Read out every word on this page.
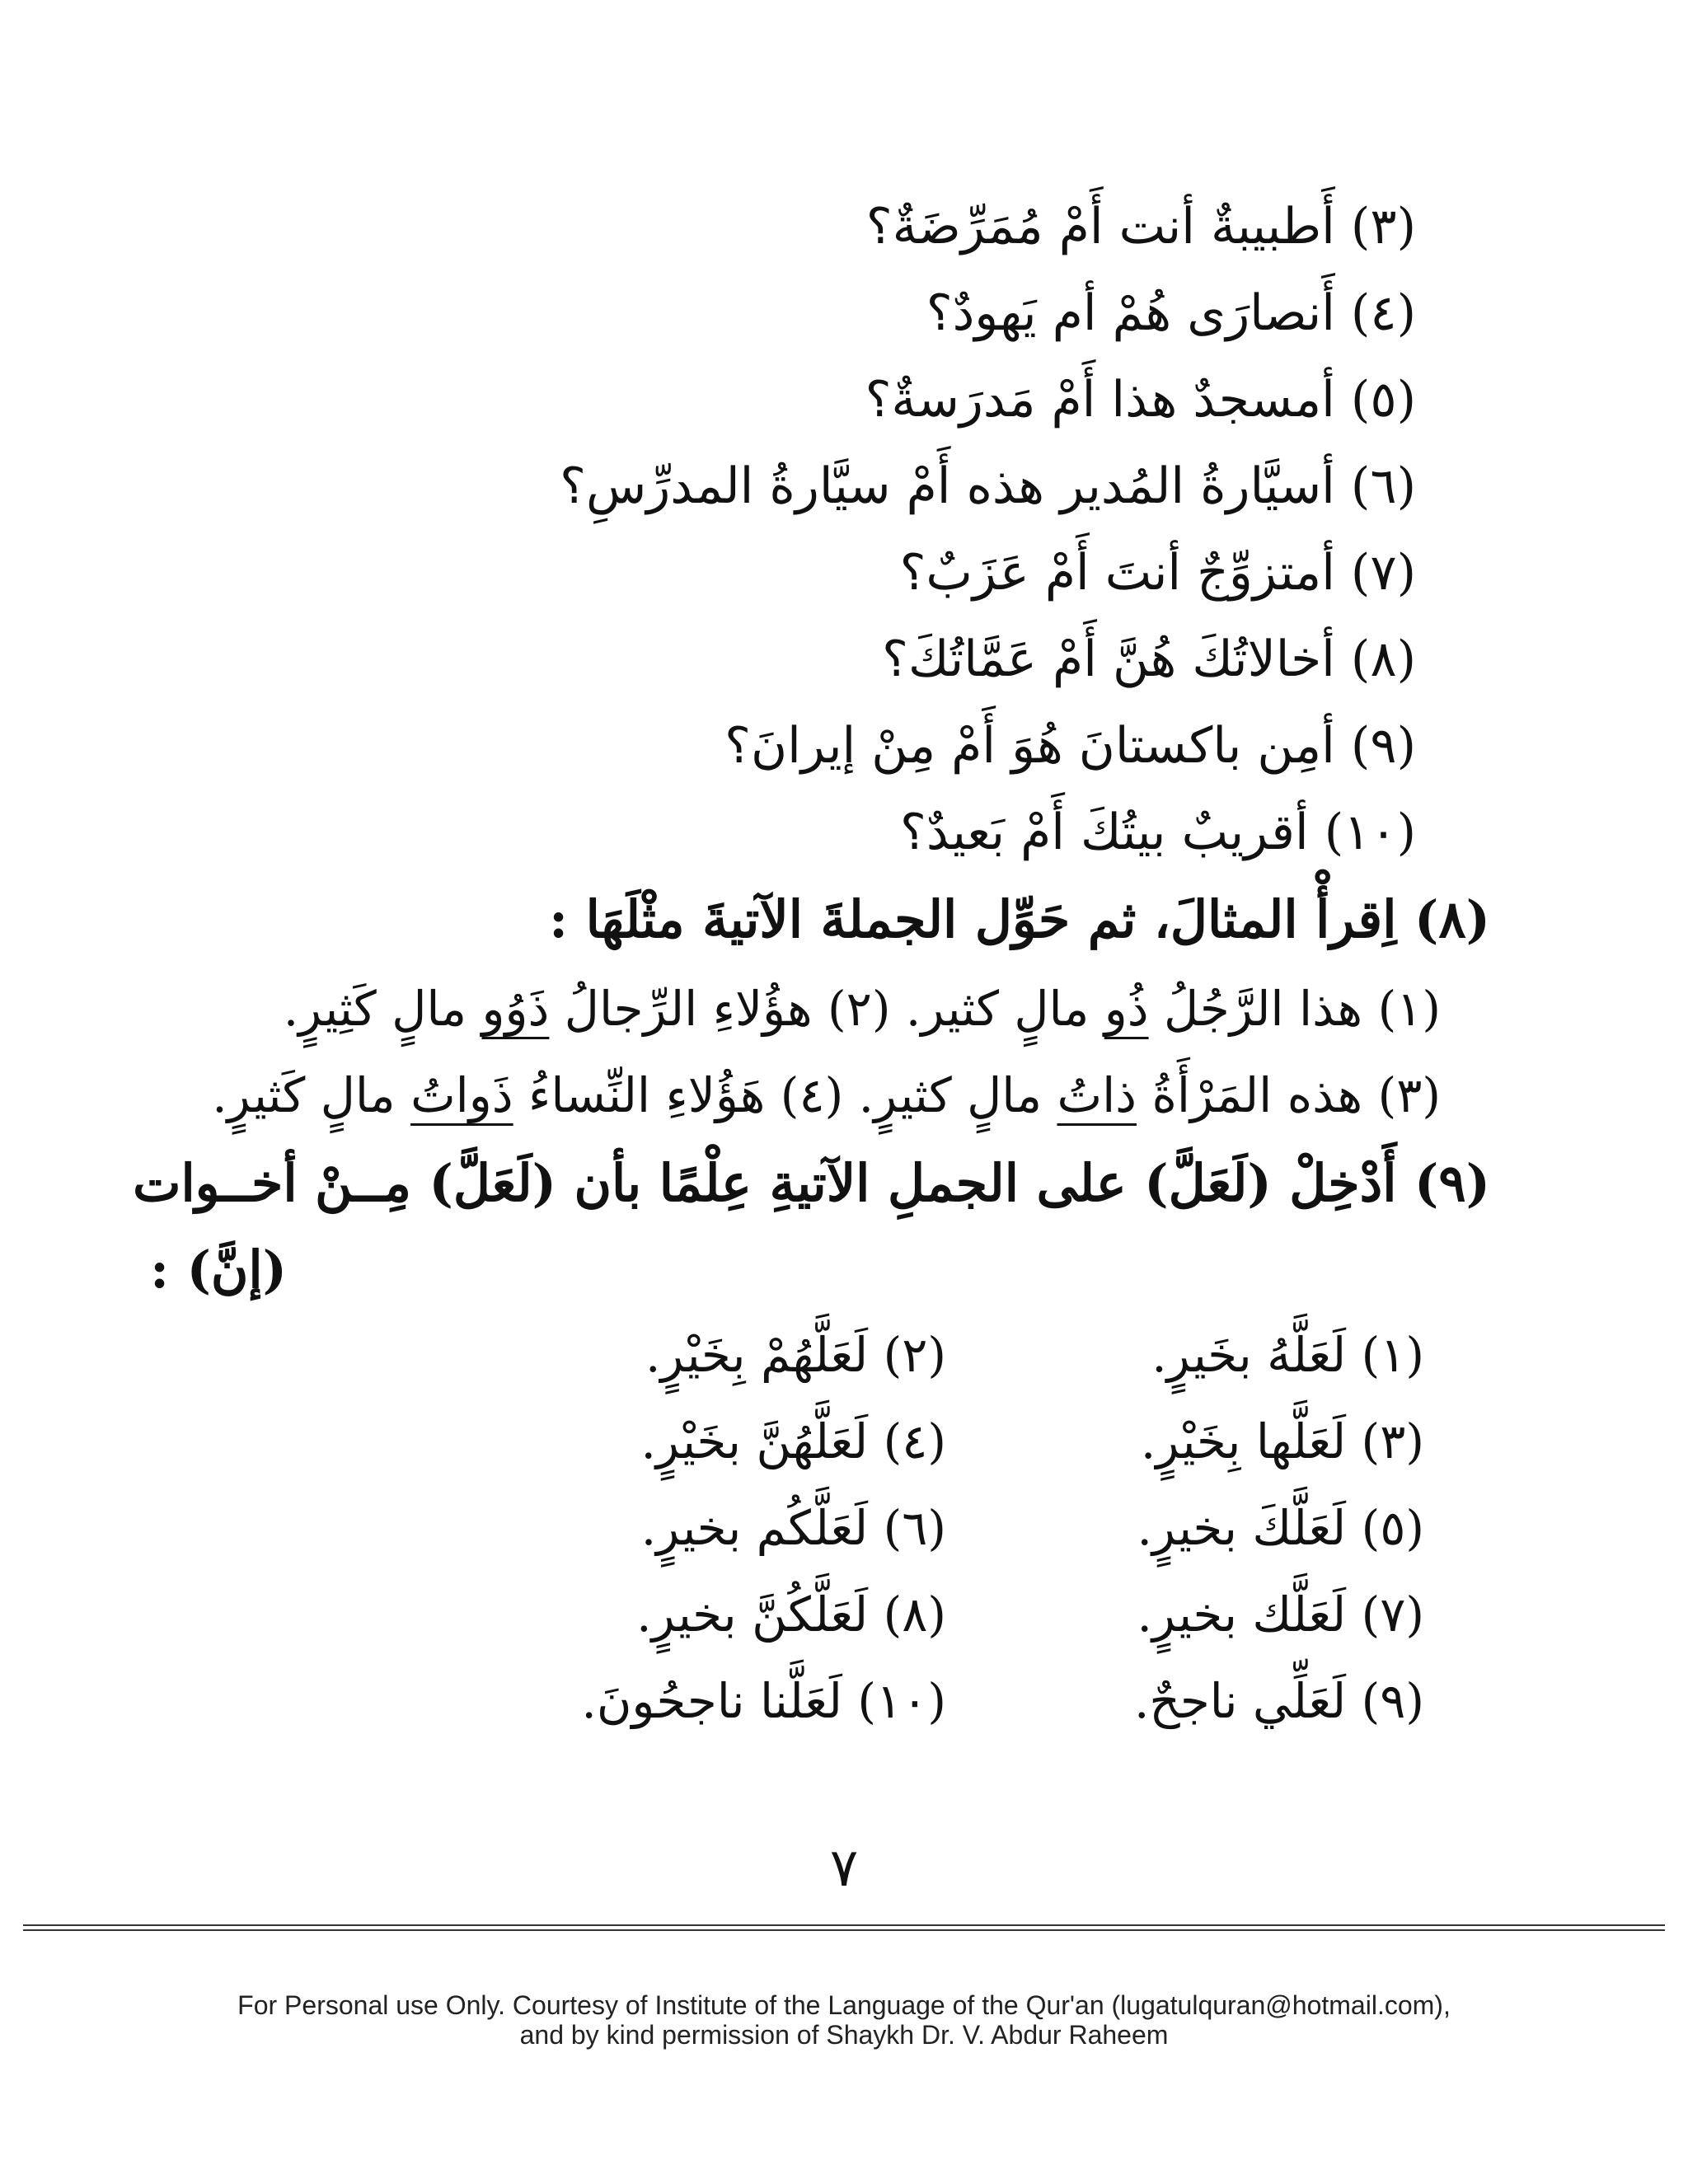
(٣) أَطبيبةٌ أنت أَمْ مُمَرِّضَةٌ؟
(٤) أَنصارَى هُمْ أم يَهودٌ؟
(٥) أمسجدٌ هذا أَمْ مَدرَسةٌ؟
(٦) أسيَّارةُ المُدير هذه أَمْ سيَّارةُ المدرِّسِ؟
(٧) أمتزوِّجٌ أنتَ أَمْ عَزَبٌ؟
(٨) أخالاتُكَ هُنَّ أَمْ عَمَّاتُكَ؟
(٩) أمِن باكستانَ هُوَ أَمْ مِنْ إيرانَ؟
(١٠) أقريبٌ بيتُكَ أَمْ بَعيدٌ؟
(٨) اِقرأْ المثالَ، ثم حَوِّل الجملةَ الآتيةَ مثْلَهَا :
(١) هذا الرَّجُلُ ذُو مالٍ كثير. (٢) هؤُلاءِ الرِّجالُ ذَوُو مالٍ كَثِيرٍ.
(٣) هذه المَرْأَةُ ذاتُ مالٍ كثيرٍ. (٤) هَؤُلاءِ النِّساءُ ذَواتُ مالٍ كَثيرٍ.
(٩) أَدْخِلْ (لَعَلَّ) على الجملِ الآتيةِ عِلْمًا بأن (لَعَلَّ) مِــنْ أخــوات
(إنَّ) :
(١) لَعَلَّهُ بخَيرٍ.
(٢) لَعَلَّهُمْ بِخَيْرٍ.
(٣) لَعَلَّها بِخَيْرٍ.
(٤) لَعَلَّهُنَّ بخَيْرٍ.
(٥) لَعَلَّكَ بخيرٍ.
(٦) لَعَلَّكُم بخيرٍ.
(٧) لَعَلَّك بخيرٍ.
(٨) لَعَلَّكُنَّ بخيرٍ.
(٩) لَعَلِّي ناجحٌ.
(١٠) لَعَلَّنا ناجحُونَ.
٧
For Personal use Only. Courtesy of Institute of the Language of the Qur'an (lugatulquran@hotmail.com),
and by kind permission of Shaykh Dr. V. Abdur Raheem
